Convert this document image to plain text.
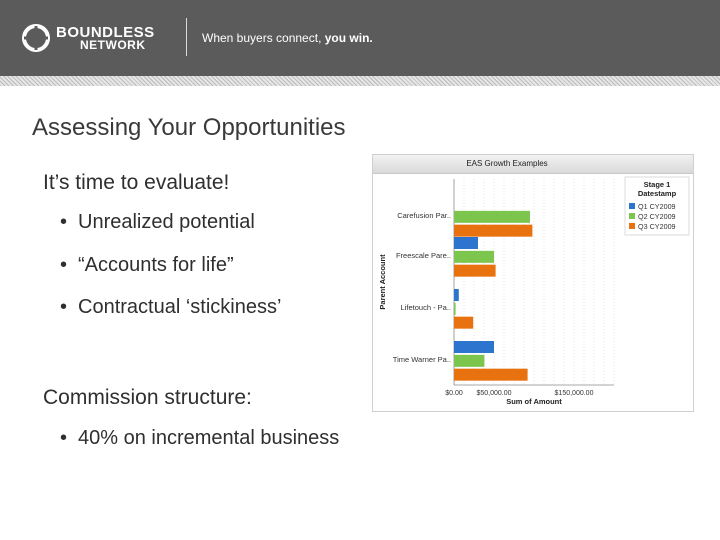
BOUNDLESS
NETWORK	When buyers connect, you win.
Assessing Your Opportunities
It’s time to evaluate!
• Unrealized potential
• “Accounts for life”
• Contractual ‘stickiness’
Commission structure:
• 40% on incremental business
EAS Growth Examples
Carefusion Par..
Freescale Pare..
Lifetouch - Pa..
Time Warner Pa..
$0.00 $50,000.00	$150,000.00
Sum of Amount
Parent Account
Stage 1
Datestamp
Q1 CY2009
Q2 CY2009
Q3 CY2009
